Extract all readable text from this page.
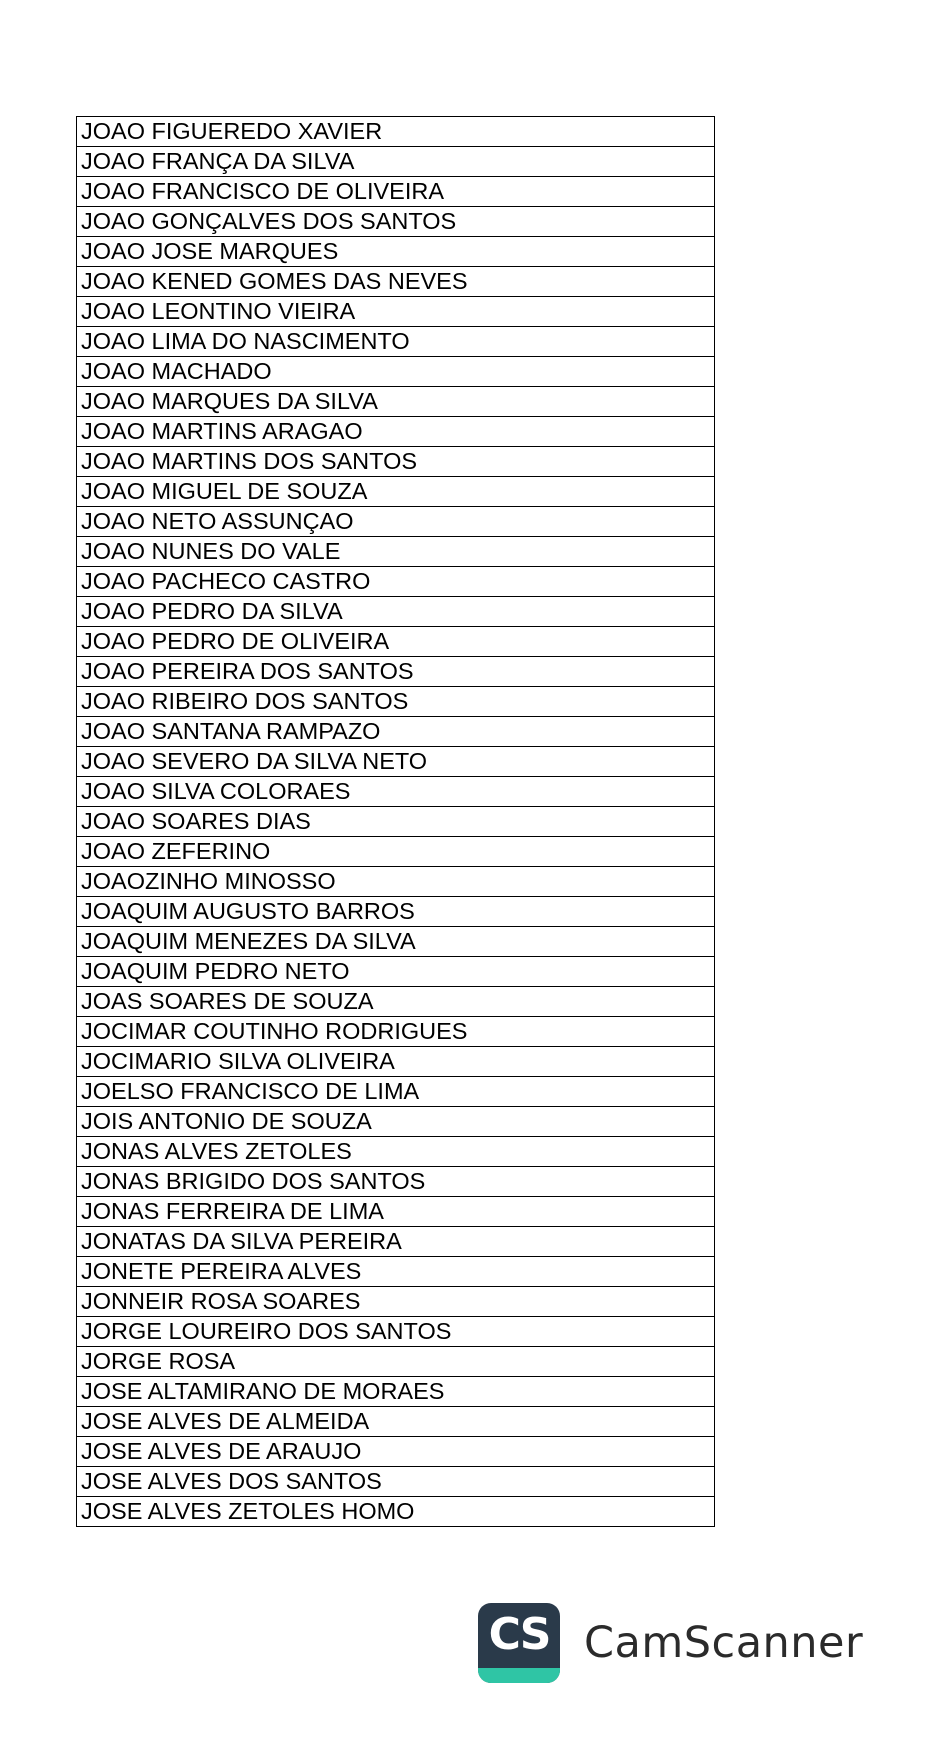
JOAO FIGUEREDO XAVIER
JOAO FRANÇA DA SILVA
JOAO FRANCISCO DE OLIVEIRA
JOAO GONÇALVES DOS SANTOS
JOAO JOSE MARQUES
JOAO KENED GOMES DAS NEVES
JOAO LEONTINO VIEIRA
JOAO LIMA DO NASCIMENTO
JOAO MACHADO
JOAO MARQUES DA SILVA
JOAO MARTINS ARAGAO
JOAO MARTINS DOS SANTOS
JOAO MIGUEL DE SOUZA
JOAO NETO ASSUNÇAO
JOAO NUNES DO VALE
JOAO PACHECO CASTRO
JOAO PEDRO DA SILVA
JOAO PEDRO DE OLIVEIRA
JOAO PEREIRA DOS SANTOS
JOAO RIBEIRO DOS SANTOS
JOAO SANTANA RAMPAZO
JOAO SEVERO DA SILVA NETO
JOAO SILVA COLORAES
JOAO SOARES DIAS
JOAO ZEFERINO
JOAOZINHO MINOSSO
JOAQUIM AUGUSTO BARROS
JOAQUIM MENEZES DA SILVA
JOAQUIM PEDRO NETO
JOAS SOARES DE SOUZA
JOCIMAR COUTINHO RODRIGUES
JOCIMARIO SILVA OLIVEIRA
JOELSO FRANCISCO DE LIMA
JOIS ANTONIO DE SOUZA
JONAS ALVES ZETOLES
JONAS BRIGIDO DOS SANTOS
JONAS FERREIRA DE LIMA
JONATAS DA SILVA PEREIRA
JONETE PEREIRA ALVES
JONNEIR ROSA SOARES
JORGE LOUREIRO DOS SANTOS
JORGE ROSA
JOSE ALTAMIRANO DE MORAES
JOSE ALVES DE ALMEIDA
JOSE ALVES DE ARAUJO
JOSE ALVES DOS SANTOS
JOSE ALVES ZETOLES HOMO
CS CamScanner
